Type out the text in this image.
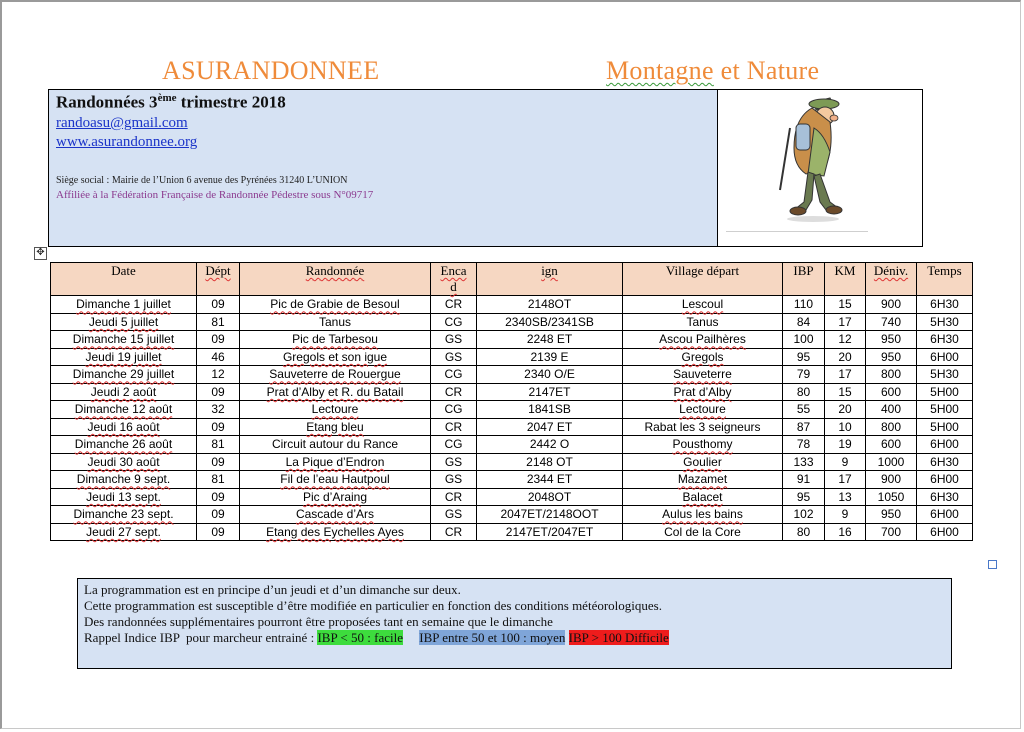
ASURANDONNEE	Montagne et Nature
Randonnées 3ème trimestre 2018
randoasu@gmail.com
www.asurandonnee.org
Siège social : Mairie de l’Union 6 avenue des Pyrénées 31240 L’UNION
Affiliée à la Fédération Française de Randonnée Pédestre sous N°09717
✥
Date	Dépt	Randonnée	Encad	ign	Village départ	IBP	KM	Déniv.	Temps
Dimanche 1 juillet	09	Pic de Grabie de Besoul	CR	2148OT	Lescoul	110	15	900	6H30
Jeudi 5 juillet	81	Tanus	CG	2340SB/2341SB	Tanus	84	17	740	5H30
Dimanche 15 juillet	09	Pic de Tarbesou	GS	2248 ET	Ascou Pailhères	100	12	950	6H30
Jeudi 19 juillet	46	Gregols et son igue	GS	2139 E	Gregols	95	20	950	6H00
Dimanche 29 juillet	12	Sauveterre de Rouergue	CG	2340 O/E	Sauveterre	79	17	800	5H30
Jeudi 2 août	09	Prat d’Alby et R. du Batail	CR	2147ET	Prat d’Alby	80	15	600	5H00
Dimanche 12 août	32	Lectoure	CG	1841SB	Lectoure	55	20	400	5H00
Jeudi 16 août	09	Etang bleu	CR	2047 ET	Rabat les 3 seigneurs	87	10	800	5H00
Dimanche 26 août	81	Circuit autour du Rance	CG	2442 O	Pousthomy	78	19	600	6H00
Jeudi 30 août	09	La Pique d’Endron	GS	2148 OT	Goulier	133	9	1000	6H30
Dimanche 9 sept.	81	Fil de l’eau Hautpoul	GS	2344 ET	Mazamet	91	17	900	6H00
Jeudi 13 sept.	09	Pic d’Araing	CR	2048OT	Balacet	95	13	1050	6H30
Dimanche 23 sept.	09	Cascade d’Ars	GS	2047ET/2148OOT	Aulus les bains	102	9	950	6H00
Jeudi 27 sept.	09	Etang des Eychelles Ayes	CR	2147ET/2047ET	Col de la Core	80	16	700	6H00
La programmation est en principe d’un jeudi et d’un dimanche sur deux.
Cette programmation est susceptible d’être modifiée en particulier en fonction des conditions météorologiques.
Des randonnées supplémentaires pourront être proposées tant en semaine que le dimanche
Rappel Indice IBP  pour marcheur entrainé : IBP < 50 : facile IBP entre 50 et 100 : moyen IBP > 100 Difficile
